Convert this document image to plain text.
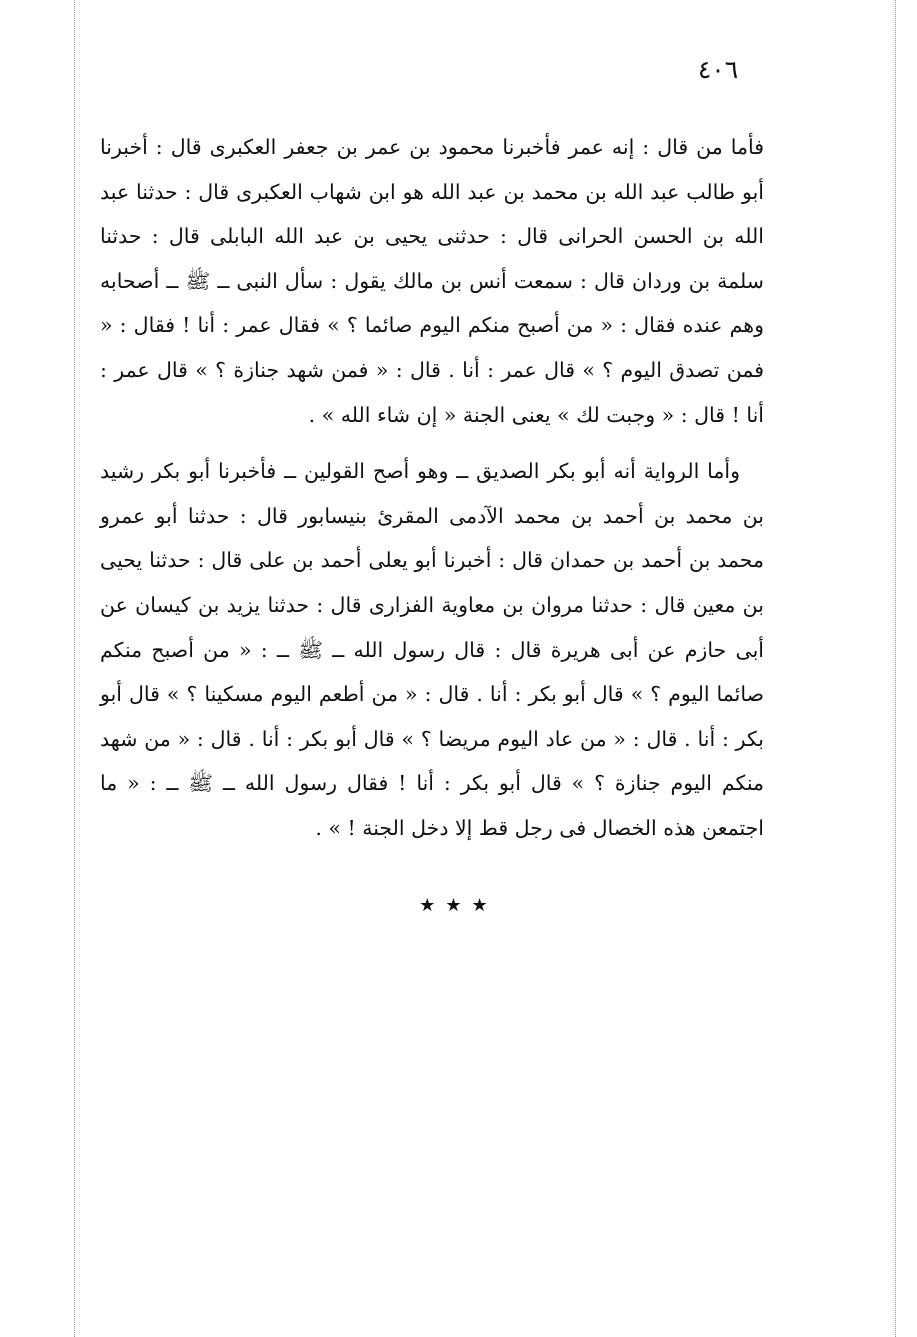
٤٠٦

فأما من قال : إنه عمر فأخبرنا محمود بن عمر بن جعفر العكبرى قال : أخبرنا أبو طالب عبد الله بن محمد بن عبد الله هو ابن شهاب العكبرى قال : حدثنا عبد الله بن الحسن الحرانى قال : حدثنى يحيى بن عبد الله البابلى قال : حدثنا سلمة بن وردان قال : سمعت أنس بن مالك يقول : سأل النبى ــ ﷺ ــ أصحابه وهم عنده فقال : « من أصبح منكم اليوم صائما ؟ » فقال عمر : أنا ! فقال : « فمن تصدق اليوم ؟ » قال عمر : أنا . قال : « فمن شهد جنازة ؟ » قال عمر : أنا ! قال : « وجبت لك » يعنى الجنة « إن شاء الله » .

وأما الرواية أنه أبو بكر الصديق ــ وهو أصح القولين ــ فأخبرنا أبو بكر رشيد بن محمد بن أحمد بن محمد الآدمى المقرئ بنيسابور قال : حدثنا أبو عمرو محمد بن أحمد بن حمدان قال : أخبرنا أبو يعلى أحمد بن على قال : حدثنا يحيى بن معين قال : حدثنا مروان بن معاوية الفزارى قال : حدثنا يزيد بن كيسان عن أبى حازم عن أبى هريرة قال : قال رسول الله ــ ﷺ ــ : « من أصبح منكم صائما اليوم ؟ » قال أبو بكر : أنا . قال : « من أطعم اليوم مسكينا ؟ » قال أبو بكر : أنا . قال : « من عاد اليوم مريضا ؟ » قال أبو بكر : أنا . قال : « من شهد منكم اليوم جنازة ؟ » قال أبو بكر : أنا ! فقال رسول الله ــ ﷺ ــ : « ما اجتمعن هذه الخصال فى رجل قط إلا دخل الجنة ! » .

★★★
